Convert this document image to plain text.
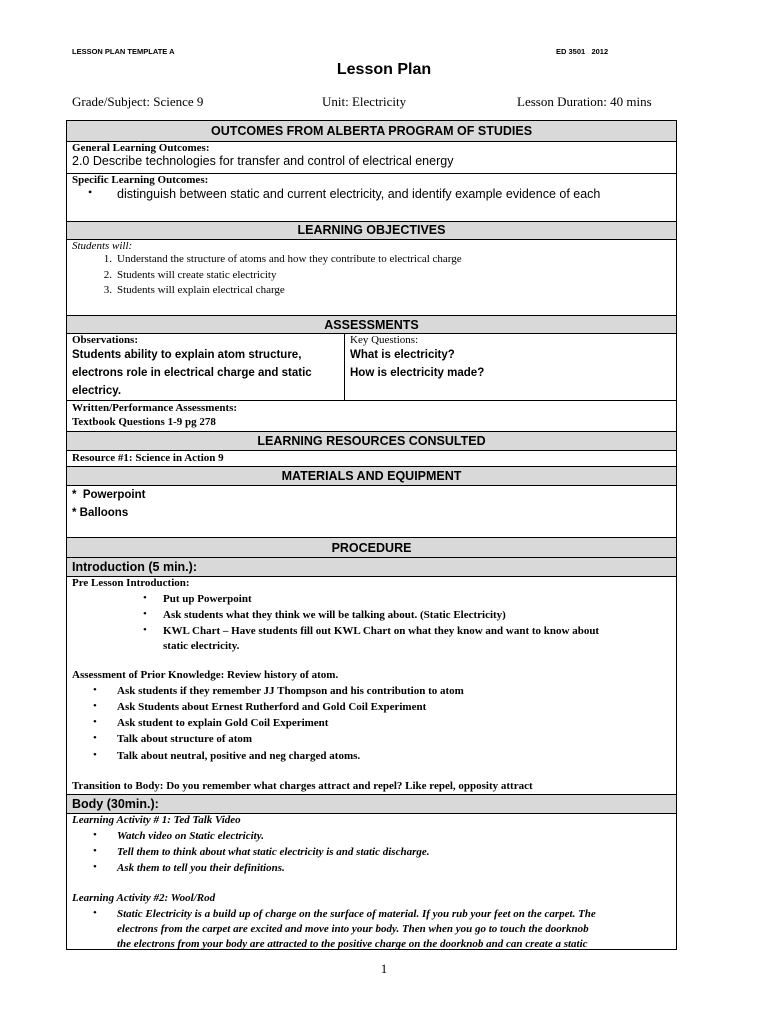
LESSON PLAN TEMPLATE A	ED 3501   2012
Lesson Plan
Grade/Subject: Science 9	Unit: Electricity	Lesson Duration: 40 mins
OUTCOMES FROM ALBERTA PROGRAM OF STUDIES
General Learning Outcomes:
2.0 Describe technologies for transfer and control of electrical energy
Specific Learning Outcomes:
•	distinguish between static and current electricity, and identify example evidence of each
LEARNING OBJECTIVES
Students will:
1. Understand the structure of atoms and how they contribute to electrical charge
2. Students will create static electricity
3. Students will explain electrical charge
ASSESSMENTS
Observations:
Students ability to explain atom structure, electrons role in electrical charge and static electricy.
Key Questions:
What is electricity?
How is electricity made?
Written/Performance Assessments:
Textbook Questions 1-9 pg 278
LEARNING RESOURCES CONSULTED
Resource #1: Science in Action 9
MATERIALS AND EQUIPMENT
*  Powerpoint
* Balloons
PROCEDURE
Introduction (5 min.):
Pre Lesson Introduction:
• Put up Powerpoint
• Ask students what they think we will be talking about. (Static Electricity)
• KWL Chart – Have students fill out KWL Chart on what they know and want to know about
static electricity.
Assessment of Prior Knowledge: Review history of atom.
• Ask students if they remember JJ Thompson and his contribution to atom
• Ask Students about Ernest Rutherford and Gold Coil Experiment
• Ask student to explain Gold Coil Experiment
• Talk about structure of atom
• Talk about neutral, positive and neg charged atoms.
Transition to Body: Do you remember what charges attract and repel? Like repel, opposity attract
Body (30min.):
Learning Activity # 1: Ted Talk Video
• Watch video on Static electricity.
• Tell them to think about what static electricity is and static discharge.
• Ask them to tell you their definitions.
Learning Activity #2: Wool/Rod
• Static Electricity is a build up of charge on the surface of material. If you rub your feet on the carpet. The
electrons from the carpet are excited and move into your body. Then when you go to touch the doorknob
the electrons from your body are attracted to the positive charge on the doorknob and can create a static
1
